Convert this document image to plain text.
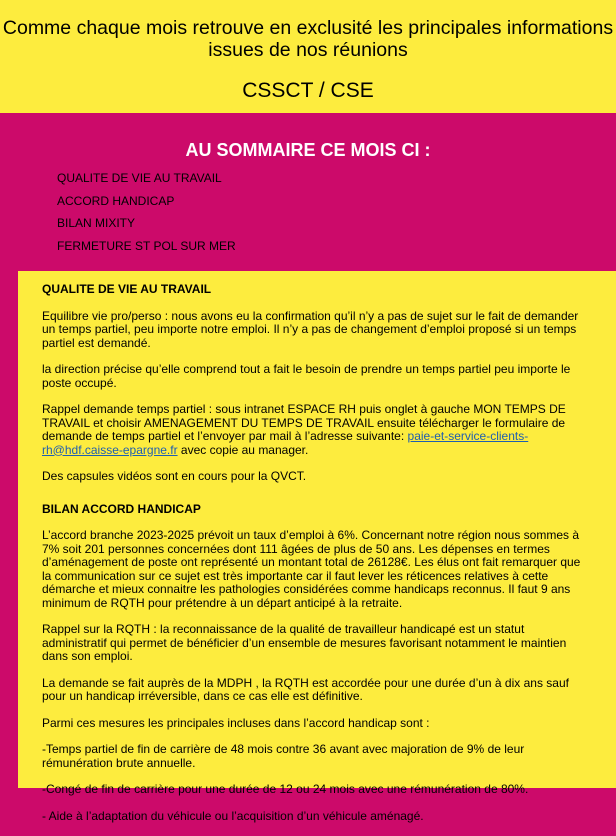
Comme chaque mois retrouve en exclusité les principales informations issues de nos réunions

CSSCT / CSE

AU SOMMAIRE CE MOIS CI :
QUALITE DE VIE AU TRAVAIL
ACCORD HANDICAP
BILAN MIXITY
FERMETURE ST POL SUR MER
QUALITE DE VIE AU TRAVAIL

Equilibre vie pro/perso : nous avons eu la confirmation qu’il n’y a pas de sujet sur le fait de demander un temps partiel, peu importe notre emploi. Il n’y a pas de changement d’emploi proposé si un temps partiel est demandé.

la direction précise qu’elle comprend tout a fait le besoin de prendre un temps partiel peu importe le poste occupé.

Rappel demande temps partiel : sous intranet ESPACE RH puis onglet à gauche MON TEMPS DE TRAVAIL et choisir AMENAGEMENT DU TEMPS DE TRAVAIL ensuite télécharger le formulaire de demande de temps partiel et l’envoyer par mail à l’adresse suivante: paie-et-service-clients-rh@hdf.caisse-epargne.fr avec copie au manager.

Des capsules vidéos sont en cours pour la QVCT.

BILAN ACCORD HANDICAP

L’accord branche 2023-2025 prévoit un taux d’emploi à 6%. Concernant notre région nous sommes à 7% soit 201 personnes concernées dont 111 âgées de plus de 50 ans. Les dépenses en termes d’aménagement de poste ont représenté un montant total de 26128€. Les élus ont fait remarquer que la communication sur ce sujet est très importante car il faut lever les réticences relatives à cette démarche et mieux connaitre les pathologies considérées comme handicaps reconnus. Il faut 9 ans minimum de RQTH pour prétendre à un départ anticipé à la retraite.

Rappel sur la RQTH : la reconnaissance de la qualité de travailleur handicapé est un statut administratif qui permet de bénéficier d’un ensemble de mesures favorisant notamment le maintien dans son emploi.

La demande se fait auprès de la MDPH , la RQTH est accordée pour une durée d’un à dix ans sauf pour un handicap irréversible, dans ce cas elle est définitive.

Parmi ces mesures les principales incluses dans l’accord handicap sont :

-Temps partiel de fin de carrière de 48 mois contre 36 avant avec majoration de 9% de leur rémunération brute annuelle.

-Congé de fin de carrière pour une durée de 12 ou 24 mois avec une rémunération de 80%.

- Aide à l’adaptation du véhicule ou l’acquisition d’un véhicule aménagé.
